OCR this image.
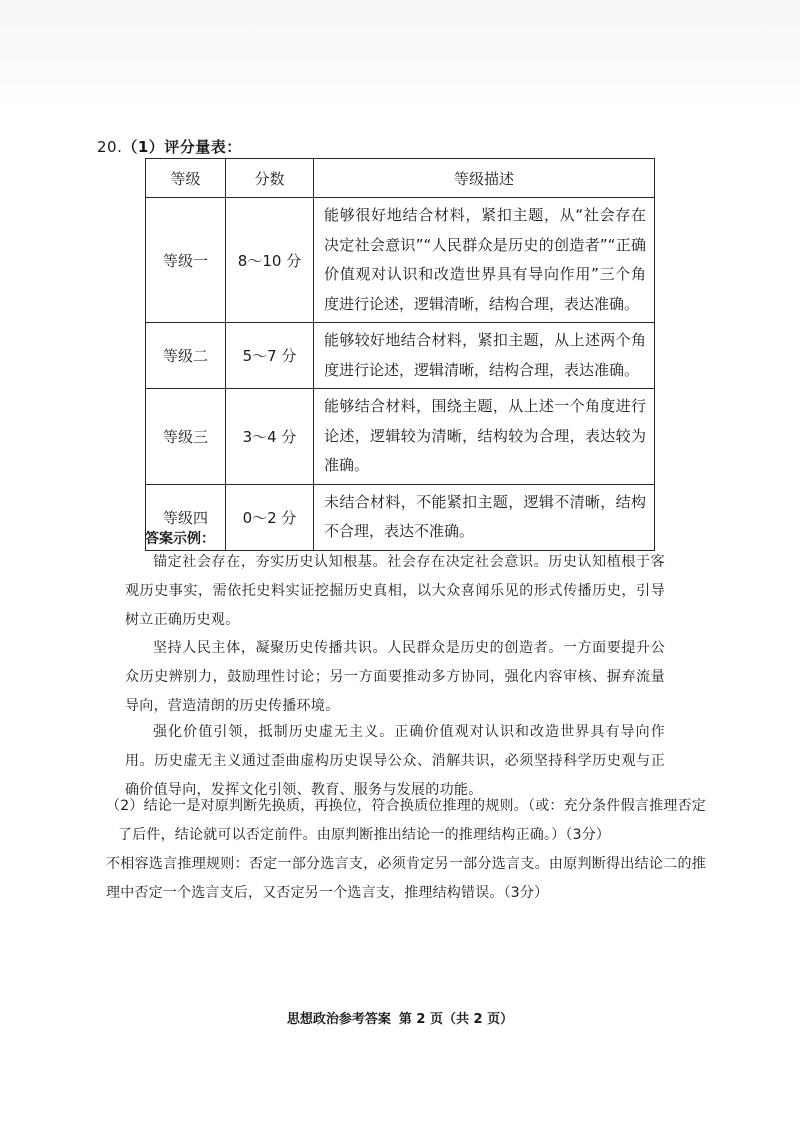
20.（1）评分量表：
等级	分数	等级描述
等级一	8～10 分	能够很好地结合材料，紧扣主题，从“社会存在决定社会意识”“人民群众是历史的创造者”“正确价值观对认识和改造世界具有导向作用”三个角度进行论述，逻辑清晰，结构合理，表达准确。
等级二	5～7 分	能够较好地结合材料，紧扣主题，从上述两个角度进行论述，逻辑清晰，结构合理，表达准确。
等级三	3～4 分	能够结合材料，围绕主题，从上述一个角度进行论述，逻辑较为清晰，结构较为合理，表达较为准确。
等级四	0～2 分	未结合材料，不能紧扣主题，逻辑不清晰，结构不合理，表达不准确。
答案示例：

锚定社会存在，夯实历史认知根基。社会存在决定社会意识。历史认知植根于客观历史事实，需依托史料实证挖掘历史真相，以大众喜闻乐见的形式传播历史，引导树立正确历史观。

坚持人民主体，凝聚历史传播共识。人民群众是历史的创造者。一方面要提升公众历史辨别力，鼓励理性讨论；另一方面要推动多方协同，强化内容审核、摒弃流量导向，营造清朗的历史传播环境。

强化价值引领，抵制历史虚无主义。正确价值观对认识和改造世界具有导向作用。历史虚无主义通过歪曲虚构历史误导公众、消解共识，必须坚持科学历史观与正确价值导向，发挥文化引领、教育、服务与发展的功能。

（2）结论一是对原判断先换质，再换位，符合换质位推理的规则。（或：充分条件假言推理否定了后件，结论就可以否定前件。由原判断推出结论一的推理结构正确。）（3分）
不相容选言推理规则：否定一部分选言支，必须肯定另一部分选言支。由原判断得出结论二的推理中否定一个选言支后，又否定另一个选言支，推理结构错误。（3分）

思想政治参考答案 第 2 页（共 2 页）
